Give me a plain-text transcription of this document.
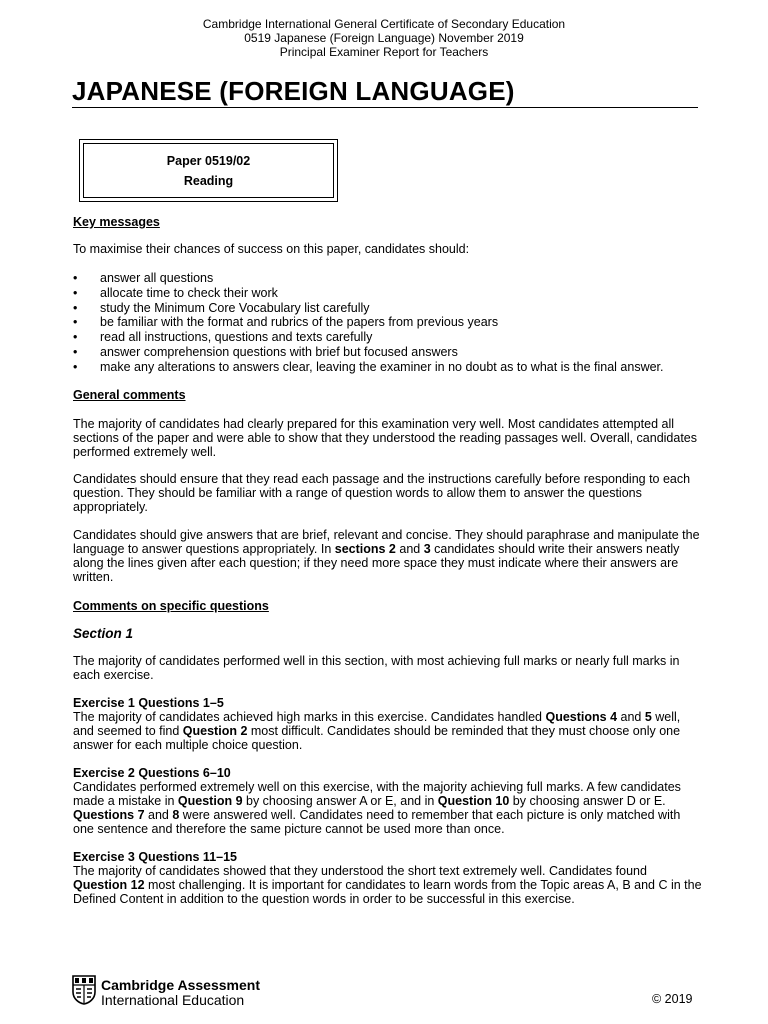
Cambridge International General Certificate of Secondary Education
0519 Japanese (Foreign Language) November 2019
Principal Examiner Report for Teachers
JAPANESE (FOREIGN LANGUAGE)
Paper 0519/02
Reading
Key messages
To maximise their chances of success on this paper, candidates should:
• answer all questions
• allocate time to check their work
• study the Minimum Core Vocabulary list carefully
• be familiar with the format and rubrics of the papers from previous years
• read all instructions, questions and texts carefully
• answer comprehension questions with brief but focused answers
• make any alterations to answers clear, leaving the examiner in no doubt as to what is the final answer.
General comments
The majority of candidates had clearly prepared for this examination very well. Most candidates attempted all sections of the paper and were able to show that they understood the reading passages well. Overall, candidates performed extremely well.
Candidates should ensure that they read each passage and the instructions carefully before responding to each question. They should be familiar with a range of question words to allow them to answer the questions appropriately.
Candidates should give answers that are brief, relevant and concise. They should paraphrase and manipulate the language to answer questions appropriately. In sections 2 and 3 candidates should write their answers neatly along the lines given after each question; if they need more space they must indicate where their answers are written.
Comments on specific questions
Section 1
The majority of candidates performed well in this section, with most achieving full marks or nearly full marks in each exercise.
Exercise 1 Questions 1–5
The majority of candidates achieved high marks in this exercise. Candidates handled Questions 4 and 5 well, and seemed to find Question 2 most difficult. Candidates should be reminded that they must choose only one answer for each multiple choice question.
Exercise 2 Questions 6–10
Candidates performed extremely well on this exercise, with the majority achieving full marks. A few candidates made a mistake in Question 9 by choosing answer A or E, and in Question 10 by choosing answer D or E. Questions 7 and 8 were answered well. Candidates need to remember that each picture is only matched with one sentence and therefore the same picture cannot be used more than once.
Exercise 3 Questions 11–15
The majority of candidates showed that they understood the short text extremely well. Candidates found Question 12 most challenging. It is important for candidates to learn words from the Topic areas A, B and C in the Defined Content in addition to the question words in order to be successful in this exercise.
Cambridge Assessment
International Education	© 2019
